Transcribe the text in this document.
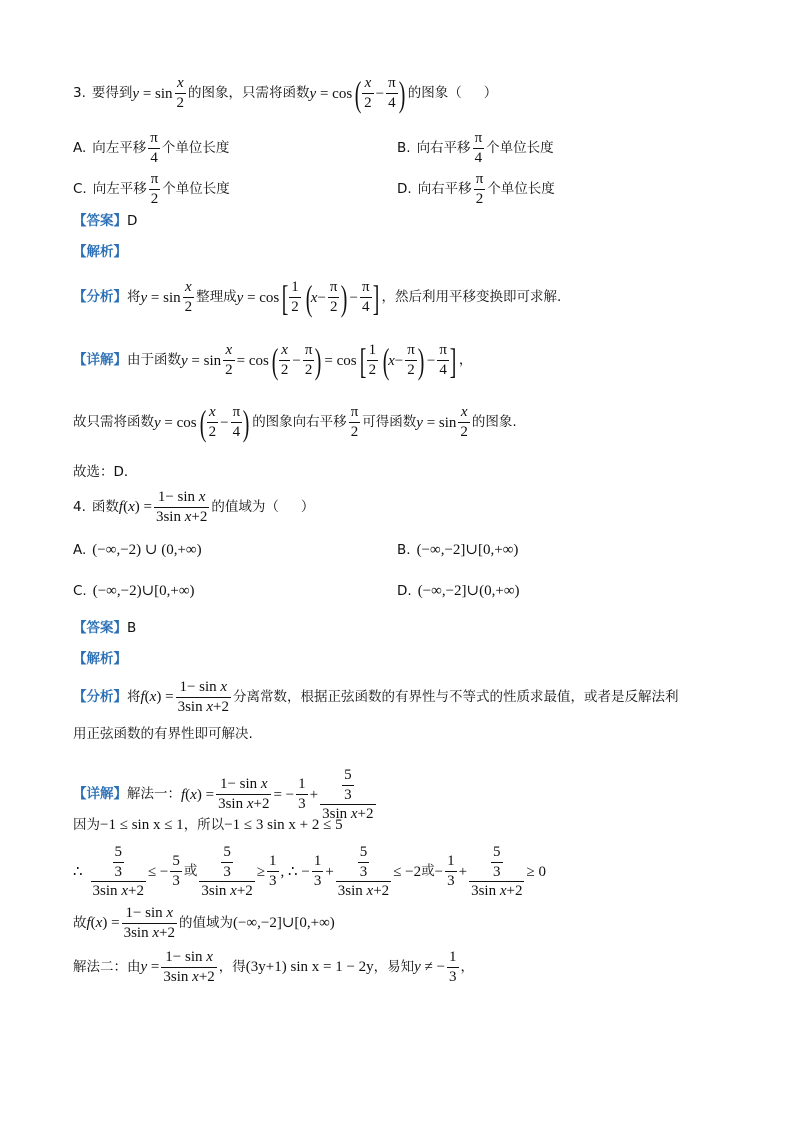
3. 要得到 $y = \sin \frac{x}{2}$ 的图象，只需将函数 y = cos ( $\frac{x}{2} - \frac{\pi}{4}$ ) 的图象（ ）
A. 向左平移 $\frac{\pi}{4}$ 个单位长度	B. 向右平移 $\frac{\pi}{4}$ 个单位长度
C. 向左平移 $\frac{\pi}{2}$ 个单位长度	D. 向右平移 $\frac{\pi}{2}$ 个单位长度
【答案】 D
【解析】
【分析】 将 $y = \sin \frac{x}{2}$ 整理成 y = cos [ $\frac{1}{2}$ (
$x - \frac{\pi}{2}$ ) − $\frac{\pi}{4}$ ] ，然后利用平移变换即可求解.
【详解】 由于函数 $y = \sin \frac{x}{2} = \cos$ ( $\frac{x}{2} - \frac{\pi}{2}$ ) = cos [ $\frac{1}{2}$ (
$x - \frac{\pi}{2}$ ) − $\frac{\pi}{4}$ ] ，
故只需将函数 y = cos ( $\frac{x}{2} - \frac{\pi}{4}$ ) 的图象向右平移 $\frac{\pi}{2}$ 可得函数 $y = \sin \frac{x}{2}$ 的图象.
故选：D．
4. 函数 $f(x) = \frac{\text{1− sin x}}{\text{3sin x+2}}$ 的值域为（ ）
A. (−∞,−2) ∪ (0,+∞)	B. (−∞,−2]∪[0,+∞)
C. (−∞,−2)∪[0,+∞)	D. (−∞,−2]∪(0,+∞)
【答案】 B
【解析】
【分析】 将 $f(x) = \frac{\text{1− sin x}}{\text{3sin x+2}}$ 分离常数，根据正弦函数的有界性与不等式的性质求最值，或者是反解法利
用正弦函数的有界性即可解决.
【详解】 解法一： $f(x) = \frac{\text{1− sin x}}{\text{3sin x+2}}$ = − $\frac{1}{3} + \frac{\frac{5}{3}}{\text{3sin x+2}}$
因为 −1 ≤ sin x ≤ 1 ，所以 −1 ≤ 3 sin x + 2 ≤ 5
∴ $\frac{\frac{5}{3}}{\text{3sin x+2}}$ ≤ − $\frac{5}{3}$ 或 $\frac{\frac{5}{3}}{\text{3sin x+2}} \ge \frac{1}{3}$ , ∴ − $\frac{1}{3} + \frac{\frac{5}{3}}{\text{3sin x+2}} \le -2$ 或 − $\frac{1}{3} + \frac{\frac{5}{3}}{\text{3sin x+2}} \ge 0$
故 $f(x) = \frac{\text{1− sin x}}{\text{3sin x+2}}$ 的值域为 (−∞,−2]∪[0,+∞)
解法二：由 $y = \frac{\text{1− sin x}}{\text{3sin x+2}}$ ，得 (3y+1) sin x = 1 − 2y ，易知 y ≠ − $\frac{1}{3}$ ，
